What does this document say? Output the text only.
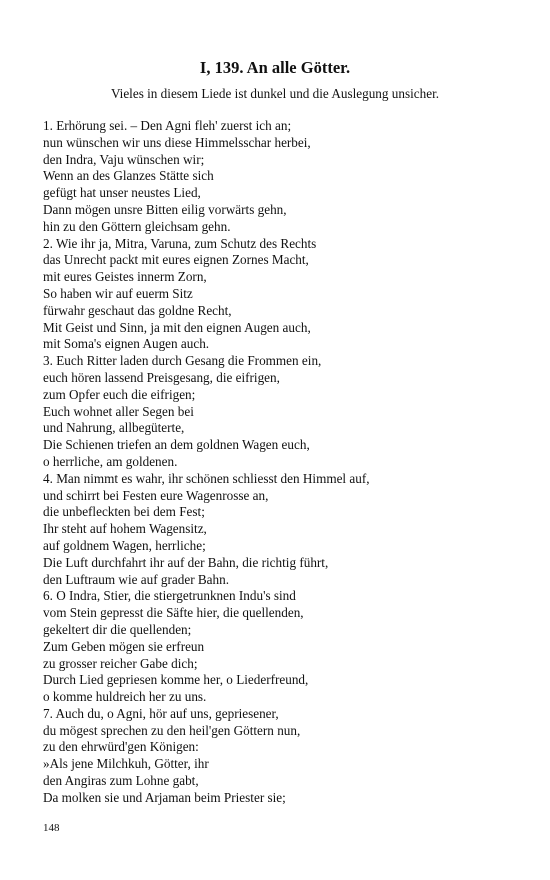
I, 139. An alle Götter.
Vieles in diesem Liede ist dunkel und die Auslegung unsicher.
1. Erhörung sei. – Den Agni fleh' zuerst ich an;
nun wünschen wir uns diese Himmelsschar herbei,
den Indra, Vaju wünschen wir;
Wenn an des Glanzes Stätte sich
gefügt hat unser neustes Lied,
Dann mögen unsre Bitten eilig vorwärts gehn,
hin zu den Göttern gleichsam gehn.
2. Wie ihr ja, Mitra, Varuna, zum Schutz des Rechts
das Unrecht packt mit eures eignen Zornes Macht,
mit eures Geistes innerm Zorn,
So haben wir auf euerm Sitz
fürwahr geschaut das goldne Recht,
Mit Geist und Sinn, ja mit den eignen Augen auch,
mit Soma's eignen Augen auch.
3. Euch Ritter laden durch Gesang die Frommen ein,
euch hören lassend Preisgesang, die eifrigen,
zum Opfer euch die eifrigen;
Euch wohnet aller Segen bei
und Nahrung, allbegüterte,
Die Schienen triefen an dem goldnen Wagen euch,
o herrliche, am goldenen.
4. Man nimmt es wahr, ihr schönen schliesst den Himmel auf,
und schirrt bei Festen eure Wagenrosse an,
die unbefleckten bei dem Fest;
Ihr steht auf hohem Wagensitz,
auf goldnem Wagen, herrliche;
Die Luft durchfahrt ihr auf der Bahn, die richtig führt,
den Luftraum wie auf grader Bahn.
6. O Indra, Stier, die stiergetrunknen Indu's sind
vom Stein gepresst die Säfte hier, die quellenden,
gekeltert dir die quellenden;
Zum Geben mögen sie erfreun
zu grosser reicher Gabe dich;
Durch Lied gepriesen komme her, o Liederfreund,
o komme huldreich her zu uns.
7. Auch du, o Agni, hör auf uns, gepriesener,
du mögest sprechen zu den heil'gen Göttern nun,
zu den ehrwürd'gen Königen:
»Als jene Milchkuh, Götter, ihr
den Angiras zum Lohne gabt,
Da molken sie und Arjaman beim Priester sie;
148
